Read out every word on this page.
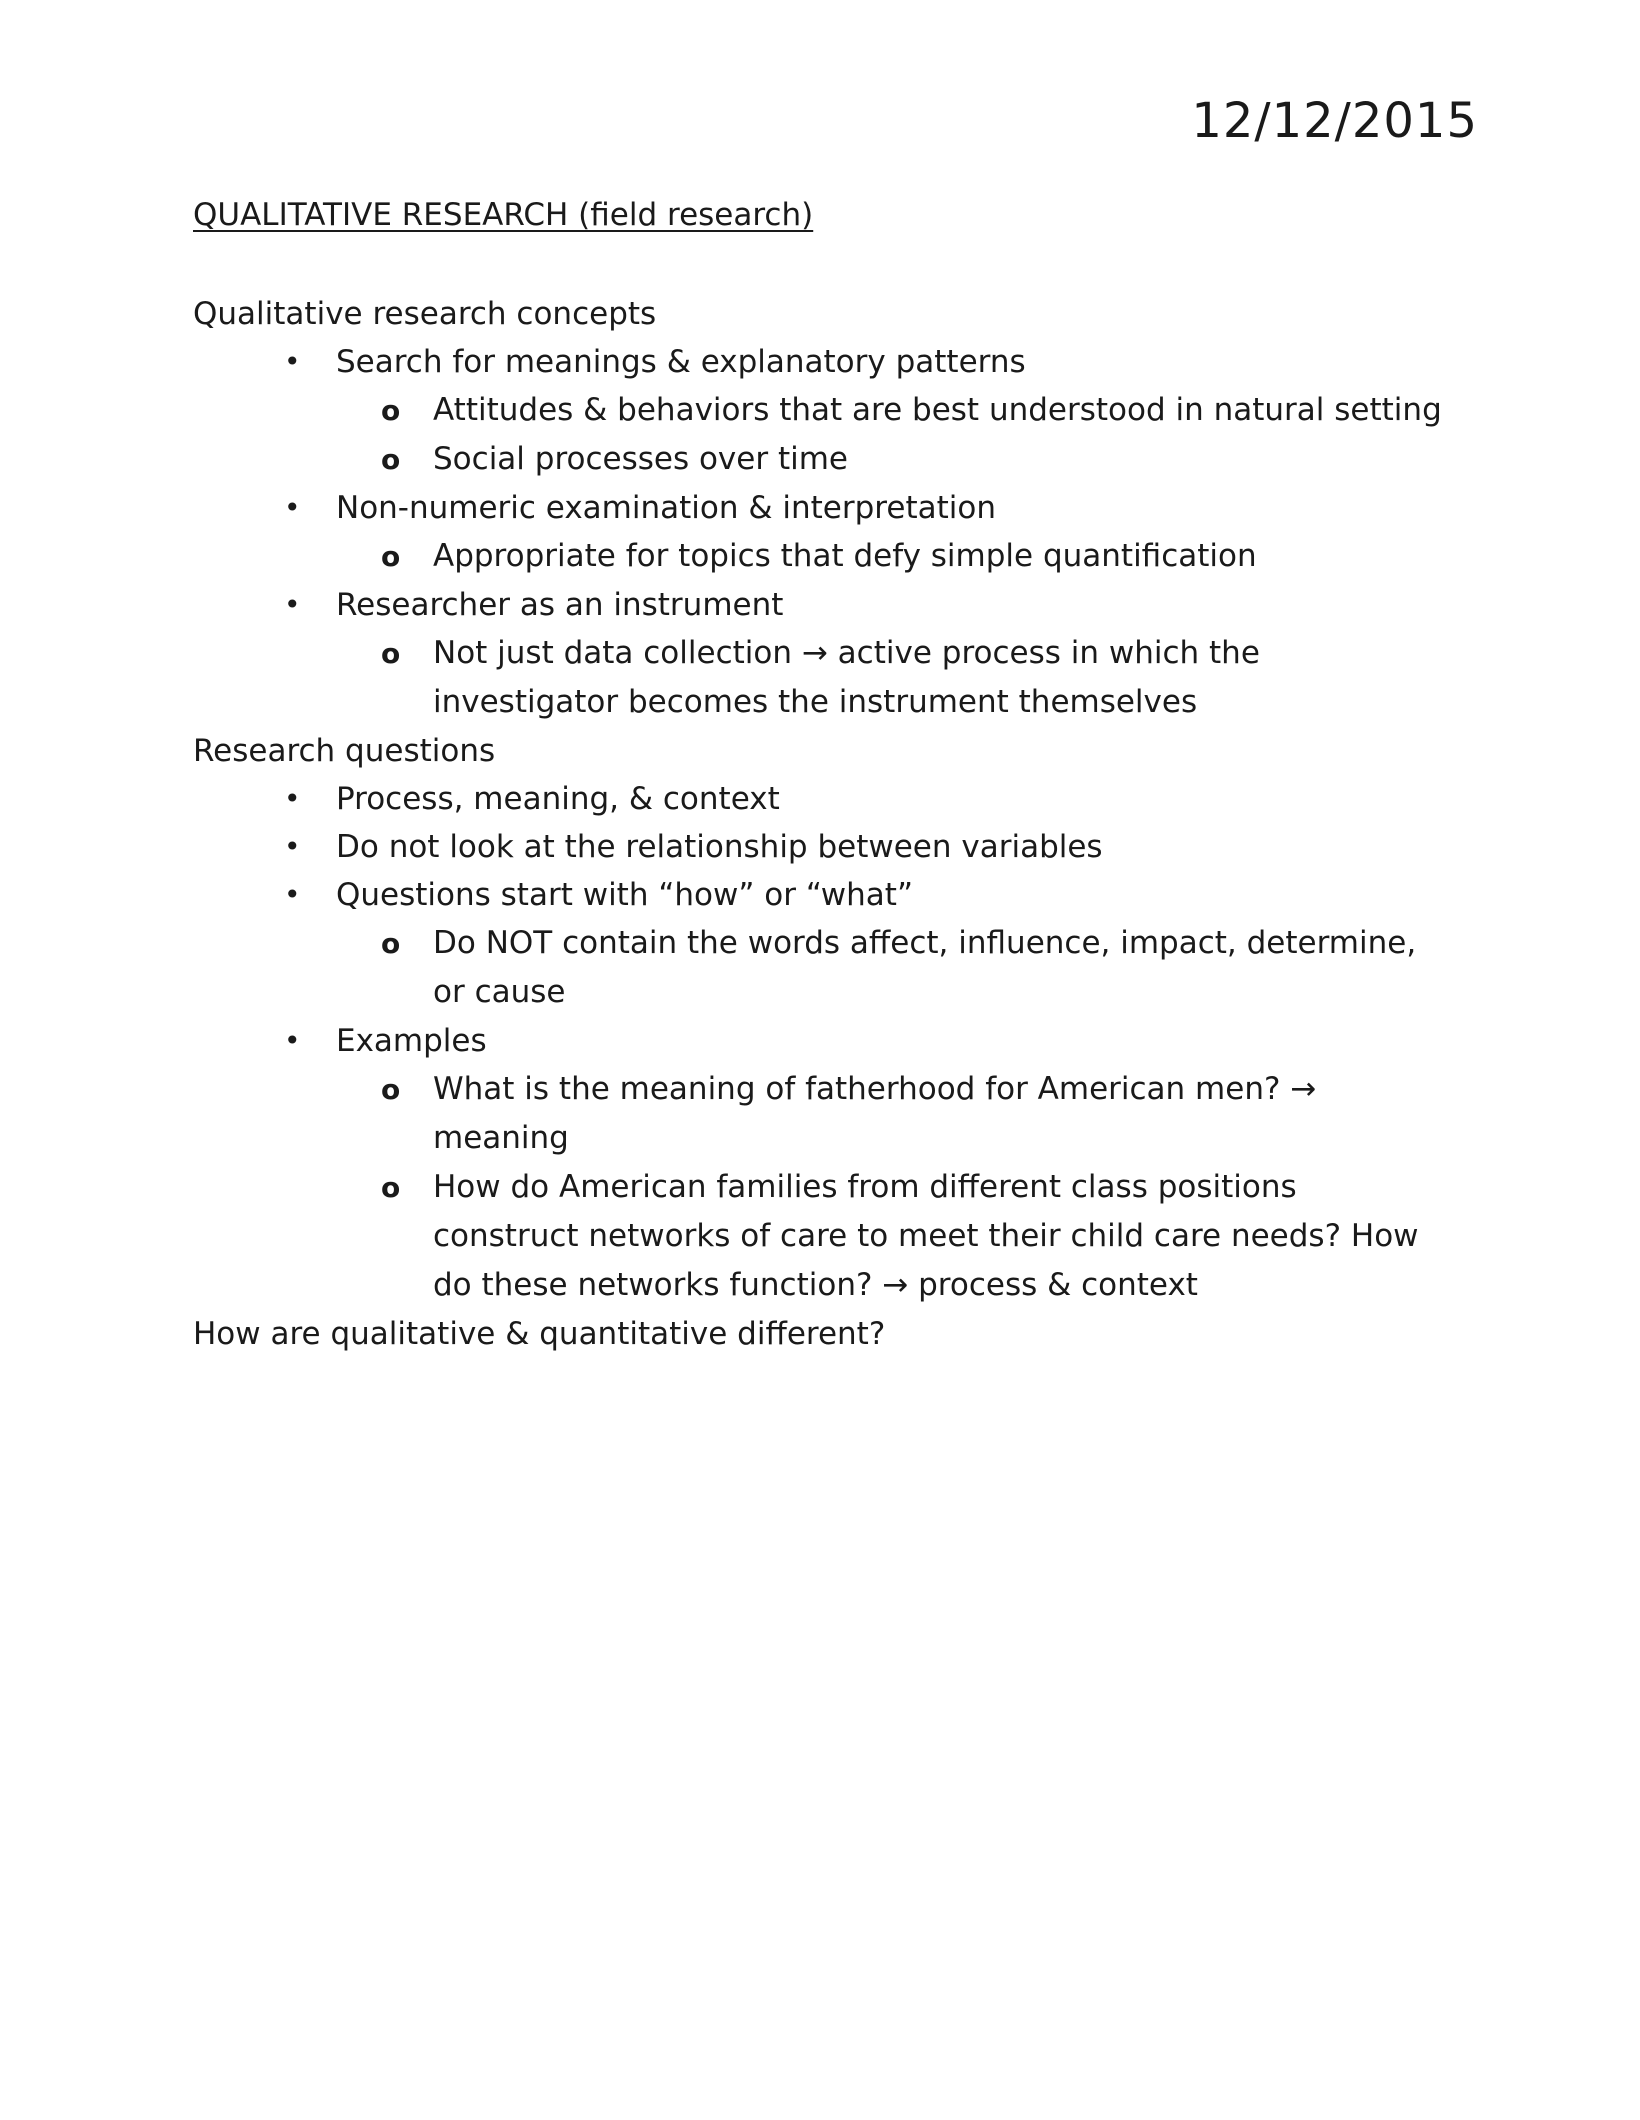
12/12/2015
QUALITATIVE RESEARCH (field research)
Qualitative research concepts
• Search for meanings & explanatory patterns
o Attitudes & behaviors that are best understood in natural setting
o Social processes over time
• Non-numeric examination & interpretation
o Appropriate for topics that defy simple quantification
• Researcher as an instrument
o Not just data collection → active process in which the investigator becomes the instrument themselves
Research questions
• Process, meaning, & context
• Do not look at the relationship between variables
• Questions start with “how” or “what”
o Do NOT contain the words affect, influence, impact, determine, or cause
• Examples
o What is the meaning of fatherhood for American men? → meaning
o How do American families from different class positions construct networks of care to meet their child care needs? How do these networks function? → process & context
How are qualitative & quantitative different?
